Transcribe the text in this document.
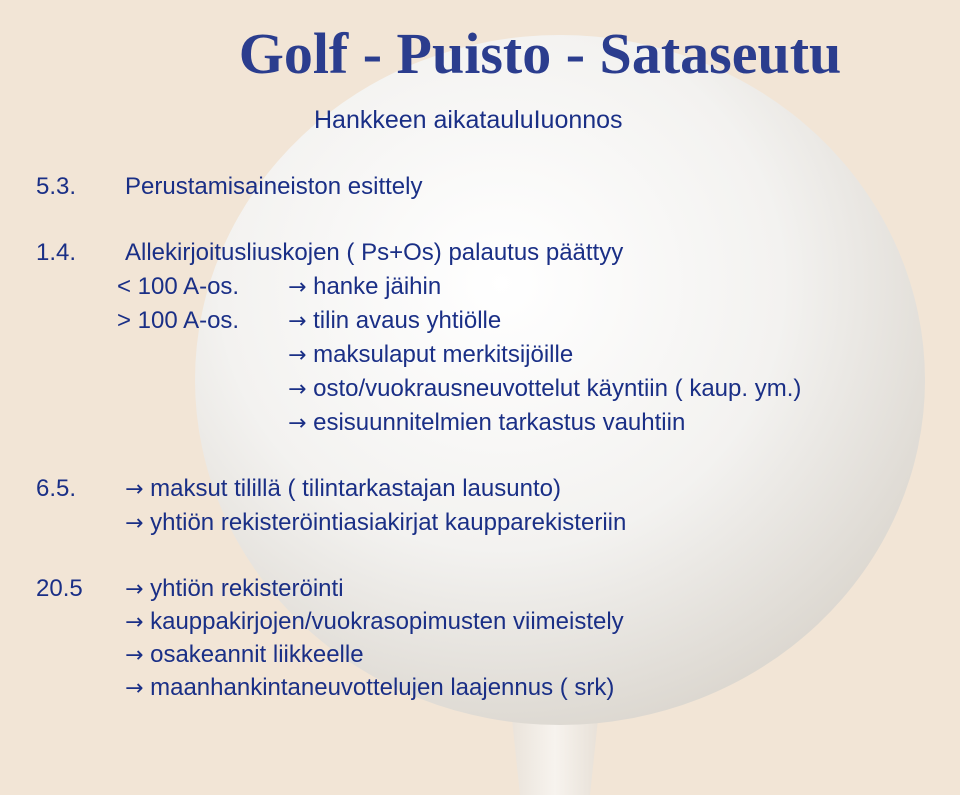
Golf - Puisto - Sataseutu
Hankkeen aikatauluIuonnos
5.3. Perustamisaineiston esittely
1.4. Allekirjoitusliuskojen ( Ps+Os) palautus päättyy
< 100 A-os. → hanke jäihin
> 100 A-os. → tilin avaus yhtiölle
→ maksulaput merkitsijöille
→ osto/vuokrausneuvottelut käyntiin ( kaup. ym.)
→ esisuunnitelmien tarkastus vauhtiin
6.5. → maksut tilillä ( tilintarkastajan lausunto)
→ yhtiön rekisteröintiasiakirjat kaupparekisteriin
20.5 → yhtiön rekisteröinti
→ kauppakirjojen/vuokrasopimusten viimeistely
→ osakeannit liikkeelle
→ maanhankintaneuvottelujen laajennus ( srk)
